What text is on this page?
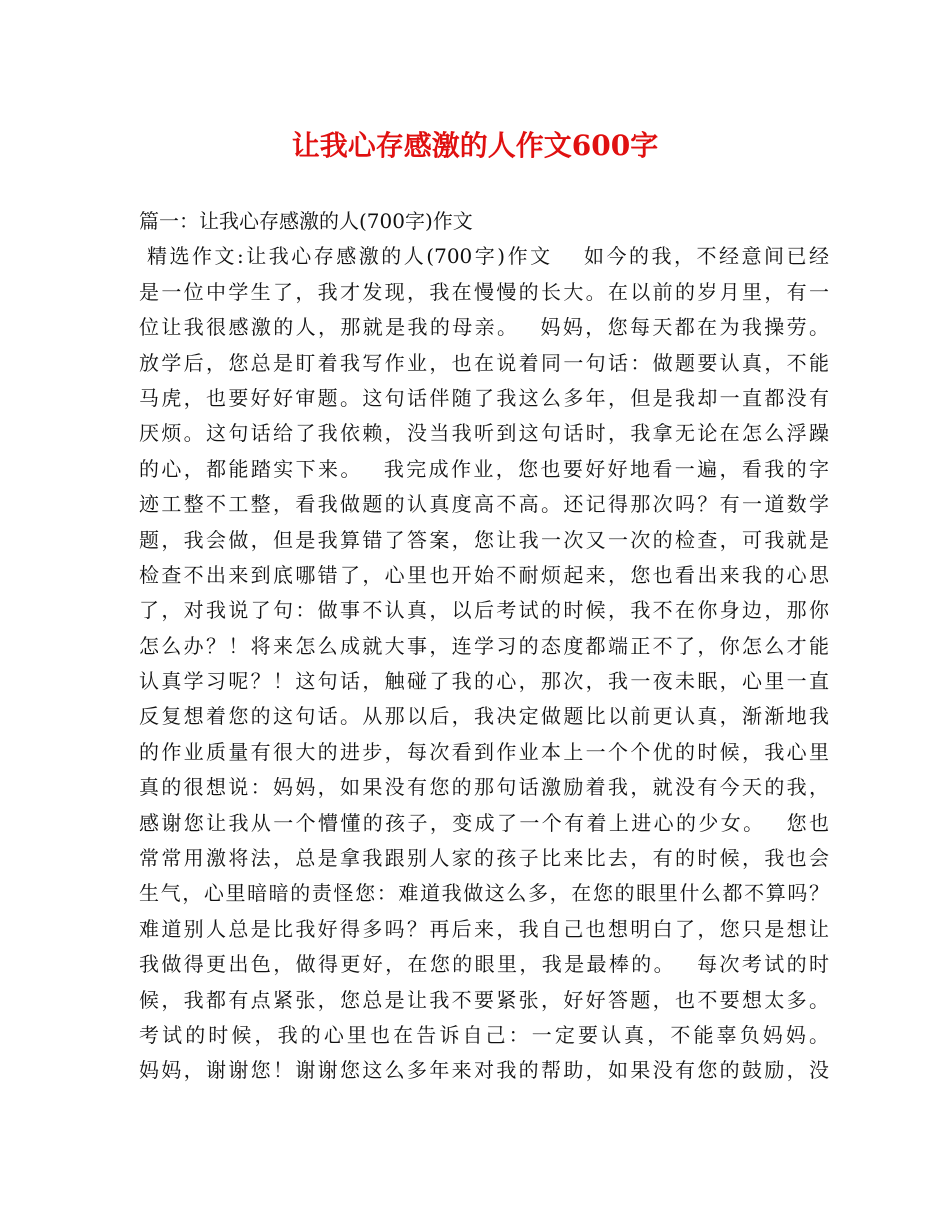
让我心存感激的人作文600字
篇一：让我心存感激的人(700字)作文
精选作文:让我心存感激的人(700字)作文　 如今的我，不经意间已经
是一位中学生了，我才发现，我在慢慢的长大。在以前的岁月里，有一
位让我很感激的人，那就是我的母亲。　 妈妈，您每天都在为我操劳。
放学后，您总是盯着我写作业，也在说着同一句话：做题要认真，不能
马虎，也要好好审题。这句话伴随了我这么多年，但是我却一直都没有
厌烦。这句话给了我依赖，没当我听到这句话时，我拿无论在怎么浮躁
的心，都能踏实下来。　 我完成作业，您也要好好地看一遍，看我的字
迹工整不工整，看我做题的认真度高不高。还记得那次吗？有一道数学
题，我会做，但是我算错了答案，您让我一次又一次的检查，可我就是
检查不出来到底哪错了，心里也开始不耐烦起来，您也看出来我的心思
了，对我说了句：做事不认真，以后考试的时候，我不在你身边，那你
怎么办？！将来怎么成就大事，连学习的态度都端正不了，你怎么才能
认真学习呢？！这句话，触碰了我的心，那次，我一夜未眠，心里一直
反复想着您的这句话。从那以后，我决定做题比以前更认真，渐渐地我
的作业质量有很大的进步，每次看到作业本上一个个优的时候，我心里
真的很想说：妈妈，如果没有您的那句话激励着我，就没有今天的我，
感谢您让我从一个懵懂的孩子，变成了一个有着上进心的少女。　 您也
常常用激将法，总是拿我跟别人家的孩子比来比去，有的时候，我也会
生气，心里暗暗的责怪您：难道我做这么多，在您的眼里什么都不算吗？
难道别人总是比我好得多吗？再后来，我自己也想明白了，您只是想让
我做得更出色，做得更好，在您的眼里，我是最棒的。　 每次考试的时
候，我都有点紧张，您总是让我不要紧张，好好答题，也不要想太多。
考试的时候，我的心里也在告诉自己：一定要认真，不能辜负妈妈。
妈妈，谢谢您！谢谢您这么多年来对我的帮助，如果没有您的鼓励，没
